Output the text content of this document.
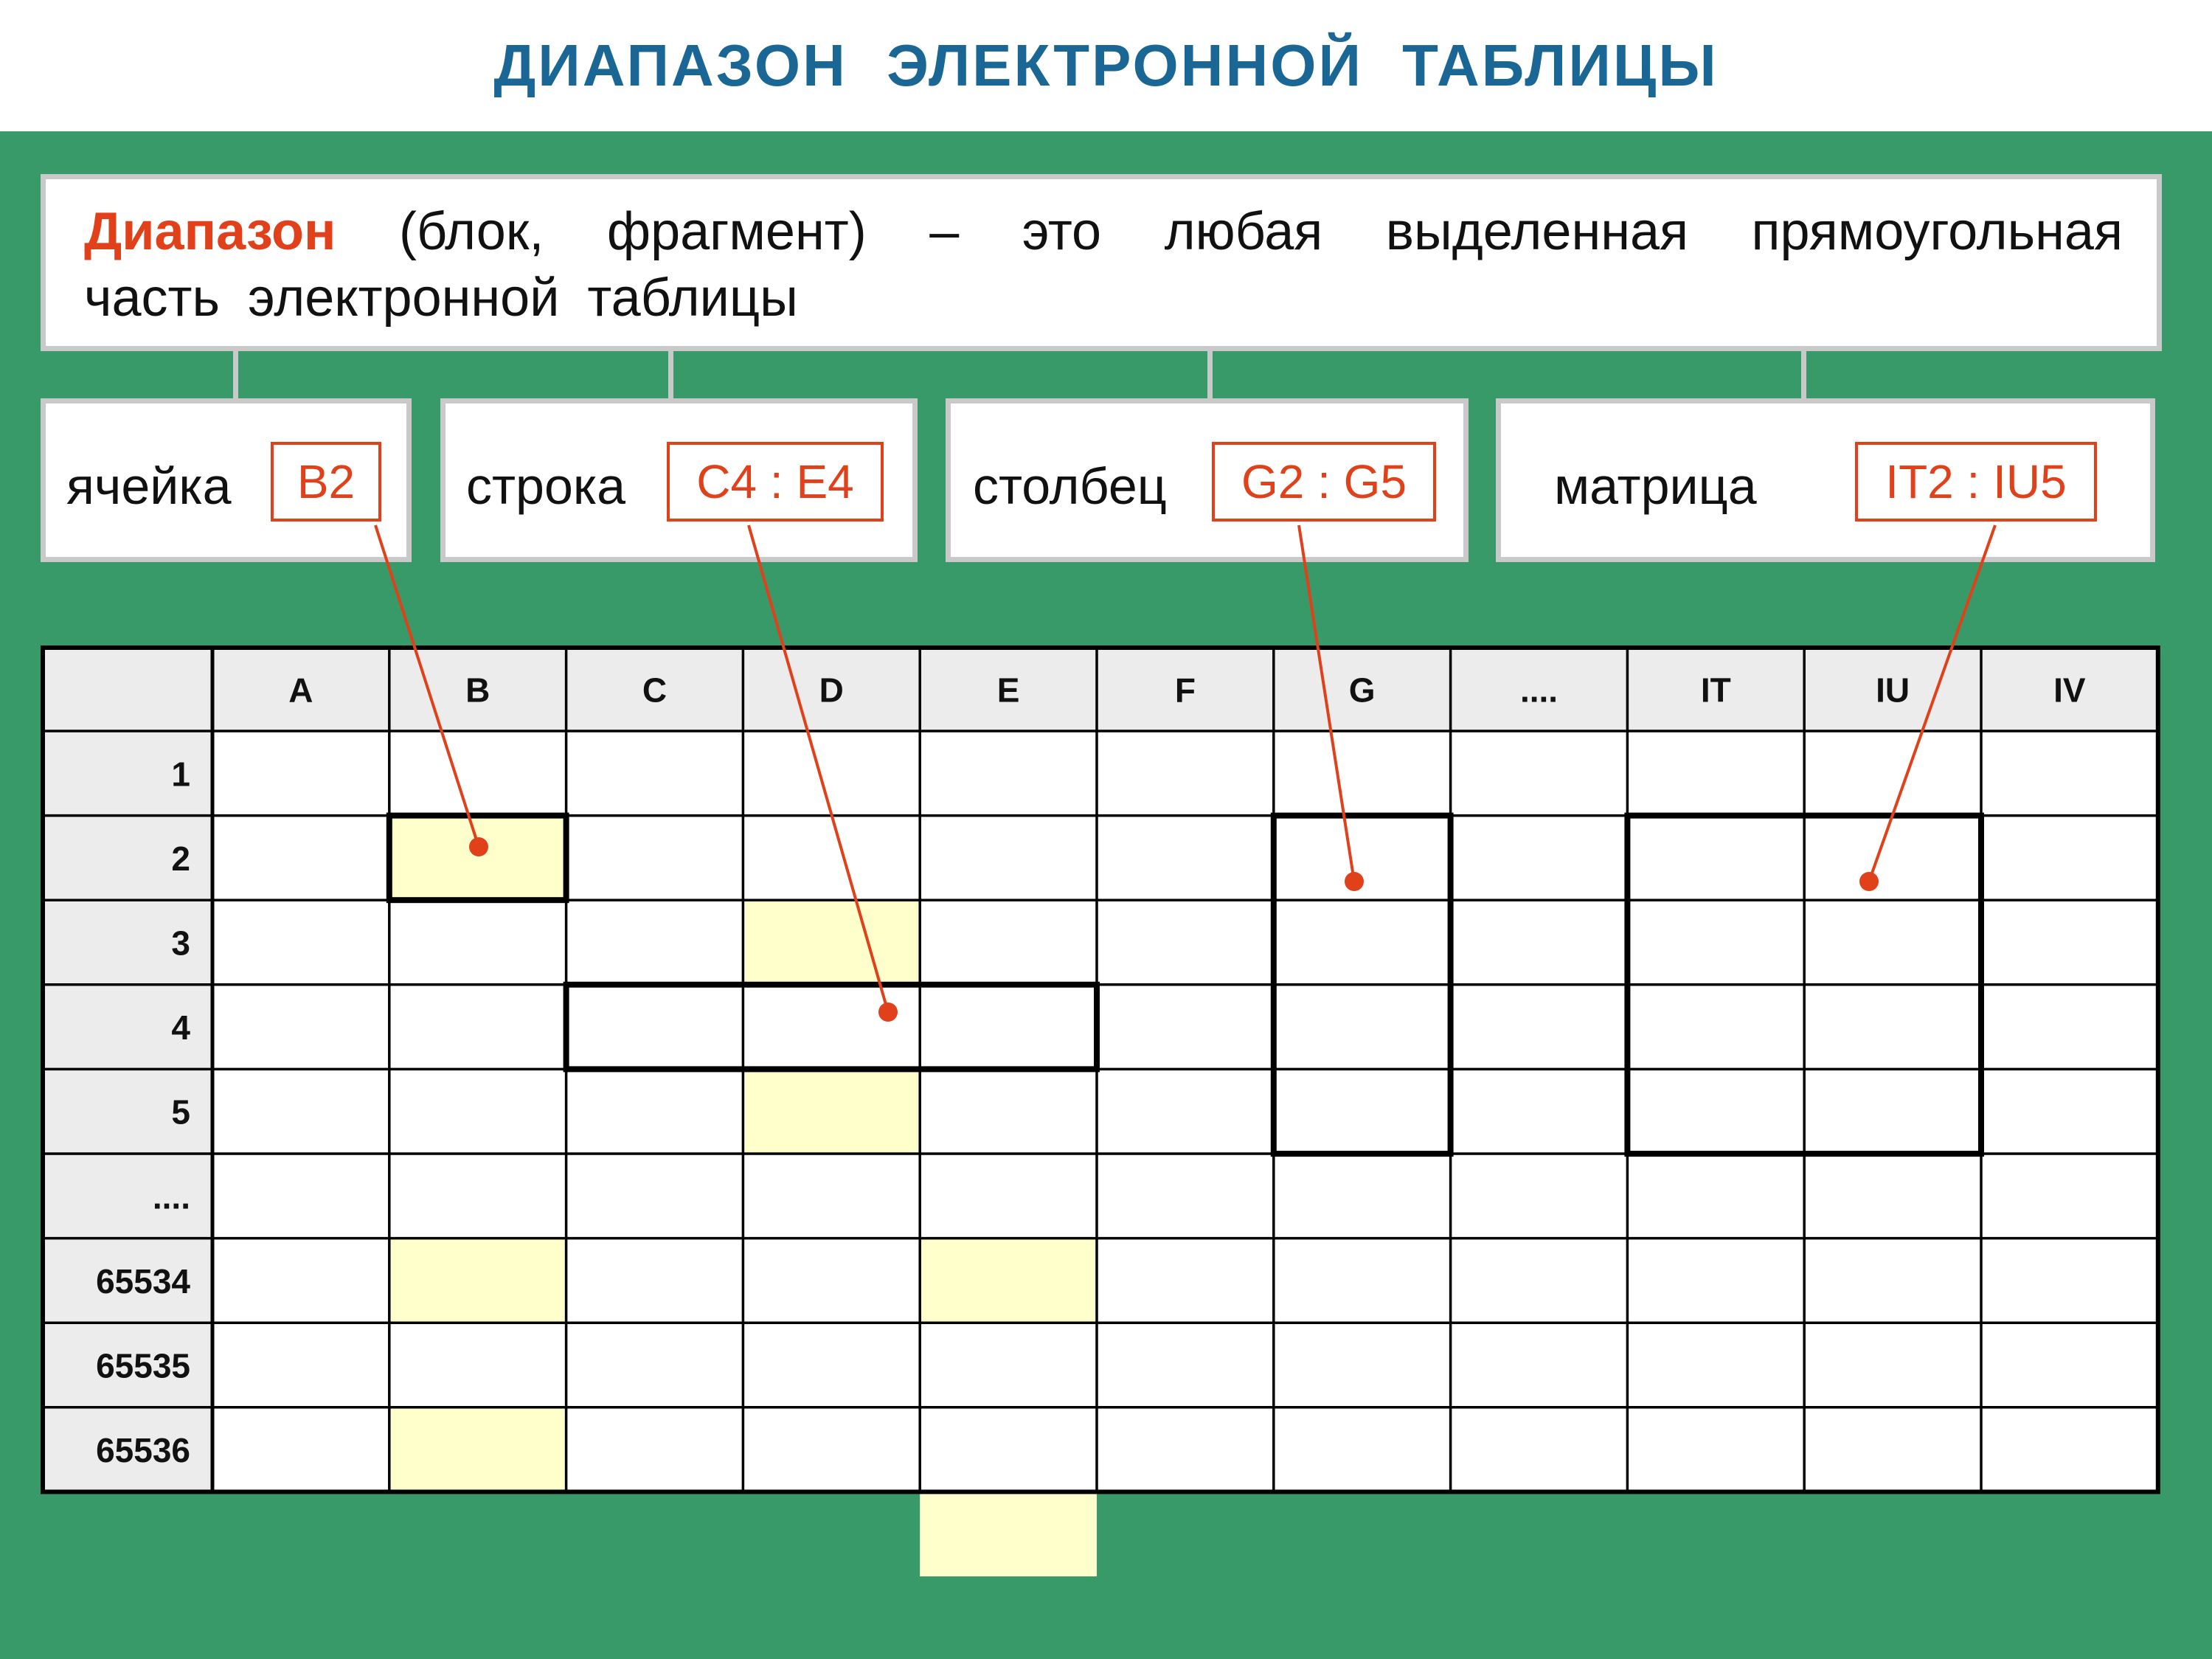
ДИАПАЗОН ЭЛЕКТРОННОЙ ТАБЛИЦЫ
Диапазон (блок, фрагмент) – это любая выделенная прямоугольная
часть электронной таблицы
ячейка	B2	строка	C4 : E4	столбец	G2 : G5	матрица	IT2 : IU5
A	B	C	D	E	F	G	....	IT	IU	IV
1
2
3
4
5
....
65534
65535
65536
